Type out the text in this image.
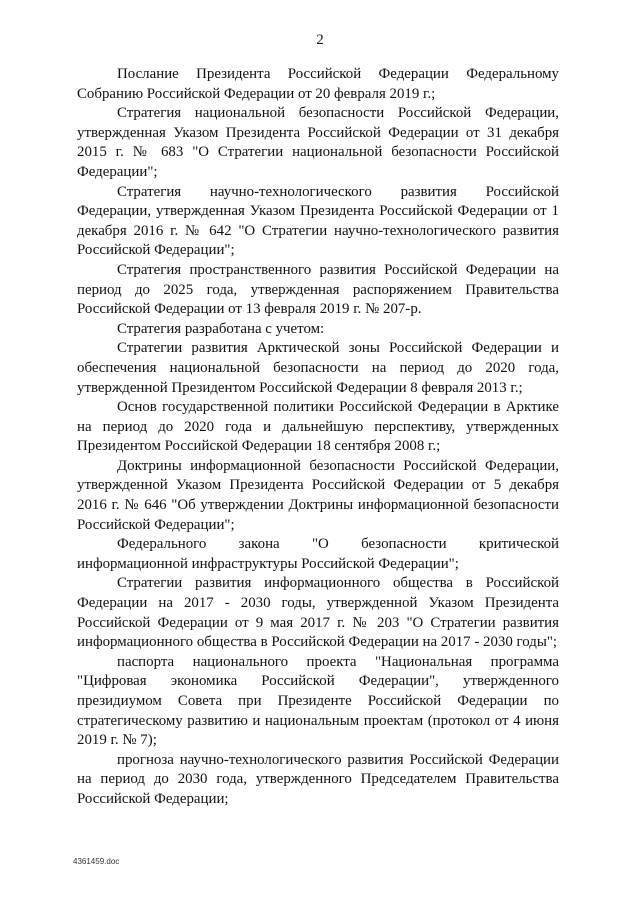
2

Послание Президента Российской Федерации Федеральному Собранию Российской Федерации от 20 февраля 2019 г.;

Стратегия национальной безопасности Российской Федерации, утвержденная Указом Президента Российской Федерации от 31 декабря 2015 г. № 683 "О Стратегии национальной безопасности Российской Федерации";

Стратегия научно-технологического развития Российской Федерации, утвержденная Указом Президента Российской Федерации от 1 декабря 2016 г. № 642 "О Стратегии научно-технологического развития Российской Федерации";

Стратегия пространственного развития Российской Федерации на период до 2025 года, утвержденная распоряжением Правительства Российской Федерации от 13 февраля 2019 г. № 207-р.

Стратегия разработана с учетом:

Стратегии развития Арктической зоны Российской Федерации и обеспечения национальной безопасности на период до 2020 года, утвержденной Президентом Российской Федерации 8 февраля 2013 г.;

Основ государственной политики Российской Федерации в Арктике на период до 2020 года и дальнейшую перспективу, утвержденных Президентом Российской Федерации 18 сентября 2008 г.;

Доктрины информационной безопасности Российской Федерации, утвержденной Указом Президента Российской Федерации от 5 декабря 2016 г. № 646 "Об утверждении Доктрины информационной безопасности Российской Федерации";

Федерального закона "О безопасности критической информационной инфраструктуры Российской Федерации";

Стратегии развития информационного общества в Российской Федерации на 2017 - 2030 годы, утвержденной Указом Президента Российской Федерации от 9 мая 2017 г. № 203 "О Стратегии развития информационного общества в Российской Федерации на 2017 - 2030 годы";

паспорта национального проекта "Национальная программа "Цифровая экономика Российской Федерации", утвержденного президиумом Совета при Президенте Российской Федерации по стратегическому развитию и национальным проектам (протокол от 4 июня 2019 г. № 7);

прогноза научно-технологического развития Российской Федерации на период до 2030 года, утвержденного Председателем Правительства Российской Федерации;

4361459.doc
